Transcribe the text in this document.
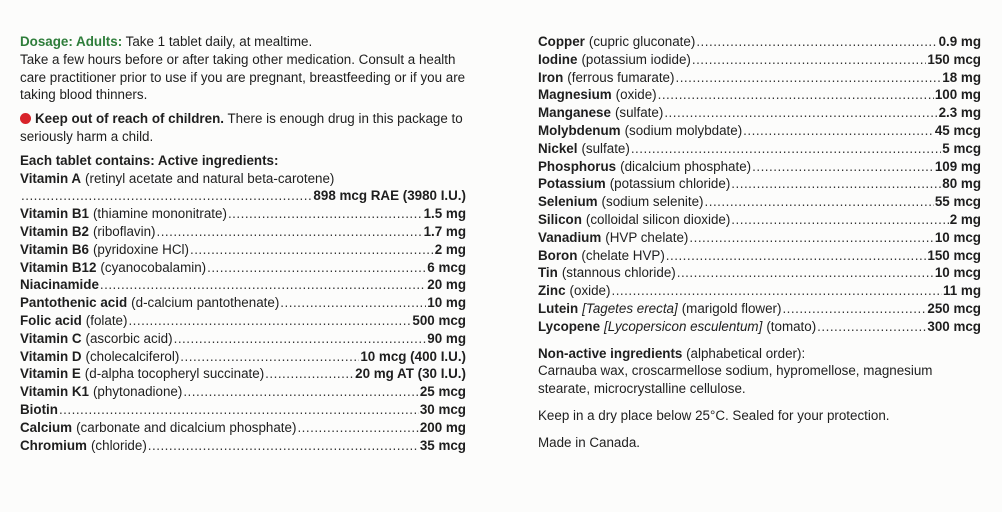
Dosage: Adults: Take 1 tablet daily, at mealtime.
Take a few hours before or after taking other medication. Consult a health care practitioner prior to use if you are pregnant, breastfeeding or if you are taking blood thinners.

Keep out of reach of children. There is enough drug in this package to seriously harm a child.

Each tablet contains: Active ingredients:
Vitamin A (retinyl acetate and natural beta-carotene)
.....
898 mcg RAE (3980 I.U.)
Vitamin B1 (thiamine mononitrate) .....	1.5 mg
Vitamin B2 (riboflavin) .....	1.7 mg
Vitamin B6 (pyridoxine HCl) .....	2 mg
Vitamin B12 (cyanocobalamin) .....	6 mcg
Niacinamide .....	20 mg
Pantothenic acid (d-calcium pantothenate) .....	10 mg
Folic acid (folate) .....	500 mcg
Vitamin C (ascorbic acid) .....	90 mg
Vitamin D (cholecalciferol) .....	10 mcg (400 I.U.)
Vitamin E (d-alpha tocopheryl succinate) .....	20 mg AT (30 I.U.)
Vitamin K1 (phytonadione) .....	25 mcg
Biotin .....	30 mcg
Calcium (carbonate and dicalcium phosphate) .....	200 mg
Chromium (chloride) .....	35 mcg
Copper (cupric gluconate) .....	0.9 mg
Iodine (potassium iodide) .....	150 mcg
Iron (ferrous fumarate) .....	18 mg
Magnesium (oxide) .....	100 mg
Manganese (sulfate) .....	2.3 mg
Molybdenum (sodium molybdate) .....	45 mcg
Nickel (sulfate) .....	5 mcg
Phosphorus (dicalcium phosphate) .....	109 mg
Potassium (potassium chloride) .....	80 mg
Selenium (sodium selenite) .....	55 mcg
Silicon (colloidal silicon dioxide) .....	2 mg
Vanadium (HVP chelate) .....	10 mcg
Boron (chelate HVP) .....	150 mcg
Tin (stannous chloride) .....	10 mcg
Zinc (oxide) .....	11 mg
Lutein [Tagetes erecta] (marigold flower) .....	250 mcg
Lycopene [Lycopersicon esculentum] (tomato) .....	300 mcg

Non-active ingredients (alphabetical order):
Carnauba wax, croscarmellose sodium, hypromellose, magnesium stearate, microcrystalline cellulose.

Keep in a dry place below 25°C. Sealed for your protection.

Made in Canada.
